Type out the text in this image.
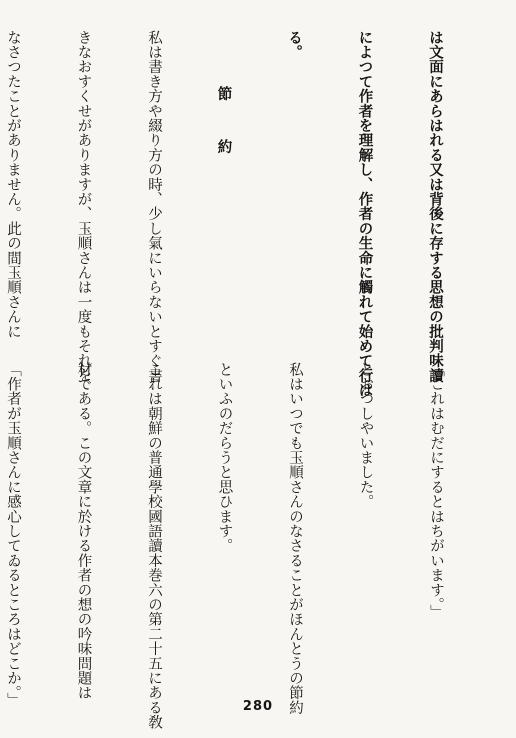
は文面にあらはれる又は背後に存する思想の批判味讀

によつて作者を理解し、作者の生命に觸れて始めて行は

る。

節　約

私は書き方や綴り方の時、少し氣にいらないとすぐ書

きなおすくせがありますが、玉順さんは一度もそれを

なさつたことがありません。此の間玉順さんに

「これはむだにするとはちがいます。」

とおつしやいました。

私はいつでも玉順さんのなさることがほんとうの節約

といふのだらうと思ひます。

これは朝鮮の普通學校國語讀本巻六の第二十五にある敎

材である。この文章に於ける作者の想の吟味問題は

「作者が玉順さんに感心してゐるところはどこか。」

	280
